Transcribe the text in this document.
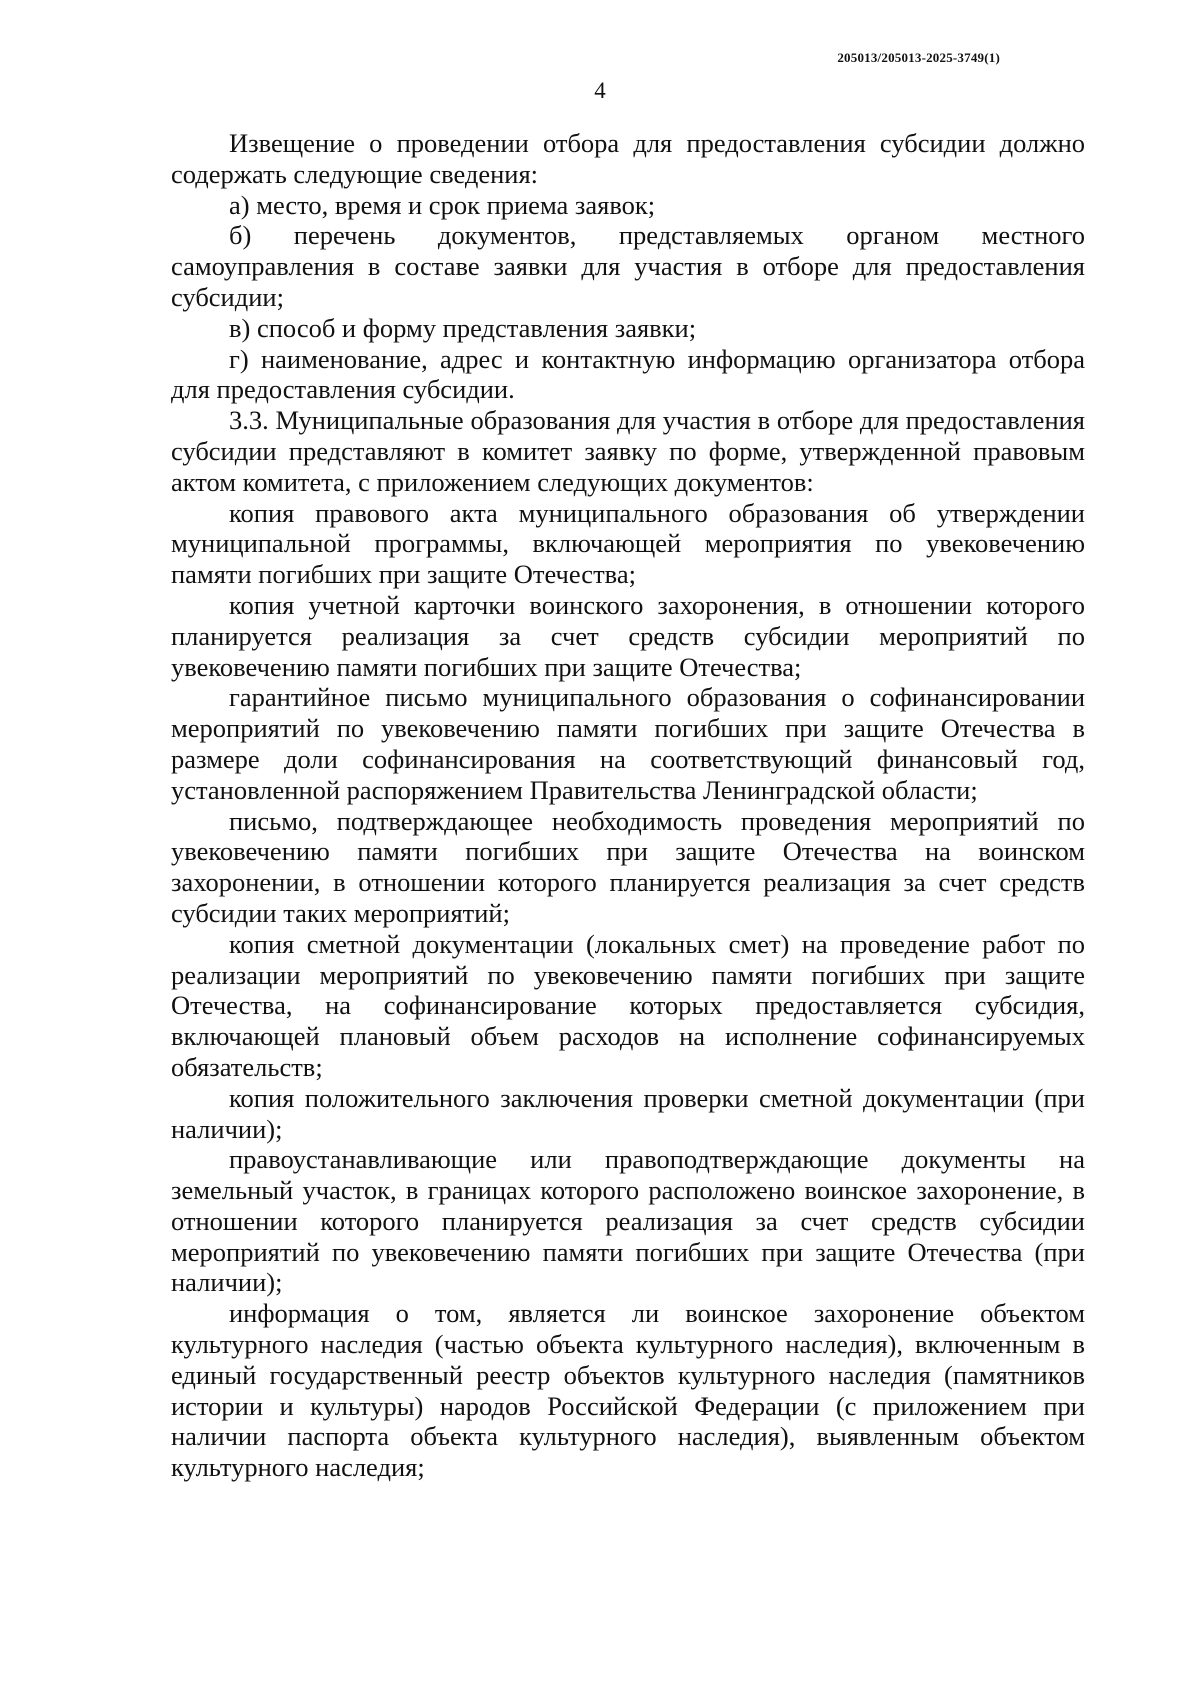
205013/205013-2025-3749(1)
4

Извещение о проведении отбора для предоставления субсидии должно содержать следующие сведения:

а) место, время и срок приема заявок;

б) перечень документов, представляемых органом местного самоуправления в составе заявки для участия в отборе для предоставления субсидии;

в) способ и форму представления заявки;

г) наименование, адрес и контактную информацию организатора отбора для предоставления субсидии.

3.3. Муниципальные образования для участия в отборе для предоставления субсидии представляют в комитет заявку по форме, утвержденной правовым актом комитета, с приложением следующих документов:

копия правового акта муниципального образования об утверждении муниципальной программы, включающей мероприятия по увековечению памяти погибших при защите Отечества;

копия учетной карточки воинского захоронения, в отношении которого планируется реализация за счет средств субсидии мероприятий по увековечению памяти погибших при защите Отечества;

гарантийное письмо муниципального образования о софинансировании мероприятий по увековечению памяти погибших при защите Отечества в размере доли софинансирования на соответствующий финансовый год, установленной распоряжением Правительства Ленинградской области;

письмо, подтверждающее необходимость проведения мероприятий по увековечению памяти погибших при защите Отечества на воинском захоронении, в отношении которого планируется реализация за счет средств субсидии таких мероприятий;

копия сметной документации (локальных смет) на проведение работ по реализации мероприятий по увековечению памяти погибших при защите Отечества, на софинансирование которых предоставляется субсидия, включающей плановый объем расходов на исполнение софинансируемых обязательств;

копия положительного заключения проверки сметной документации (при наличии);

правоустанавливающие или правоподтверждающие документы на земельный участок, в границах которого расположено воинское захоронение, в отношении которого планируется реализация за счет средств субсидии мероприятий по увековечению памяти погибших при защите Отечества (при наличии);

информация о том, является ли воинское захоронение объектом культурного наследия (частью объекта культурного наследия), включенным в единый государственный реестр объектов культурного наследия (памятников истории и культуры) народов Российской Федерации (с приложением при наличии паспорта объекта культурного наследия), выявленным объектом культурного наследия;
